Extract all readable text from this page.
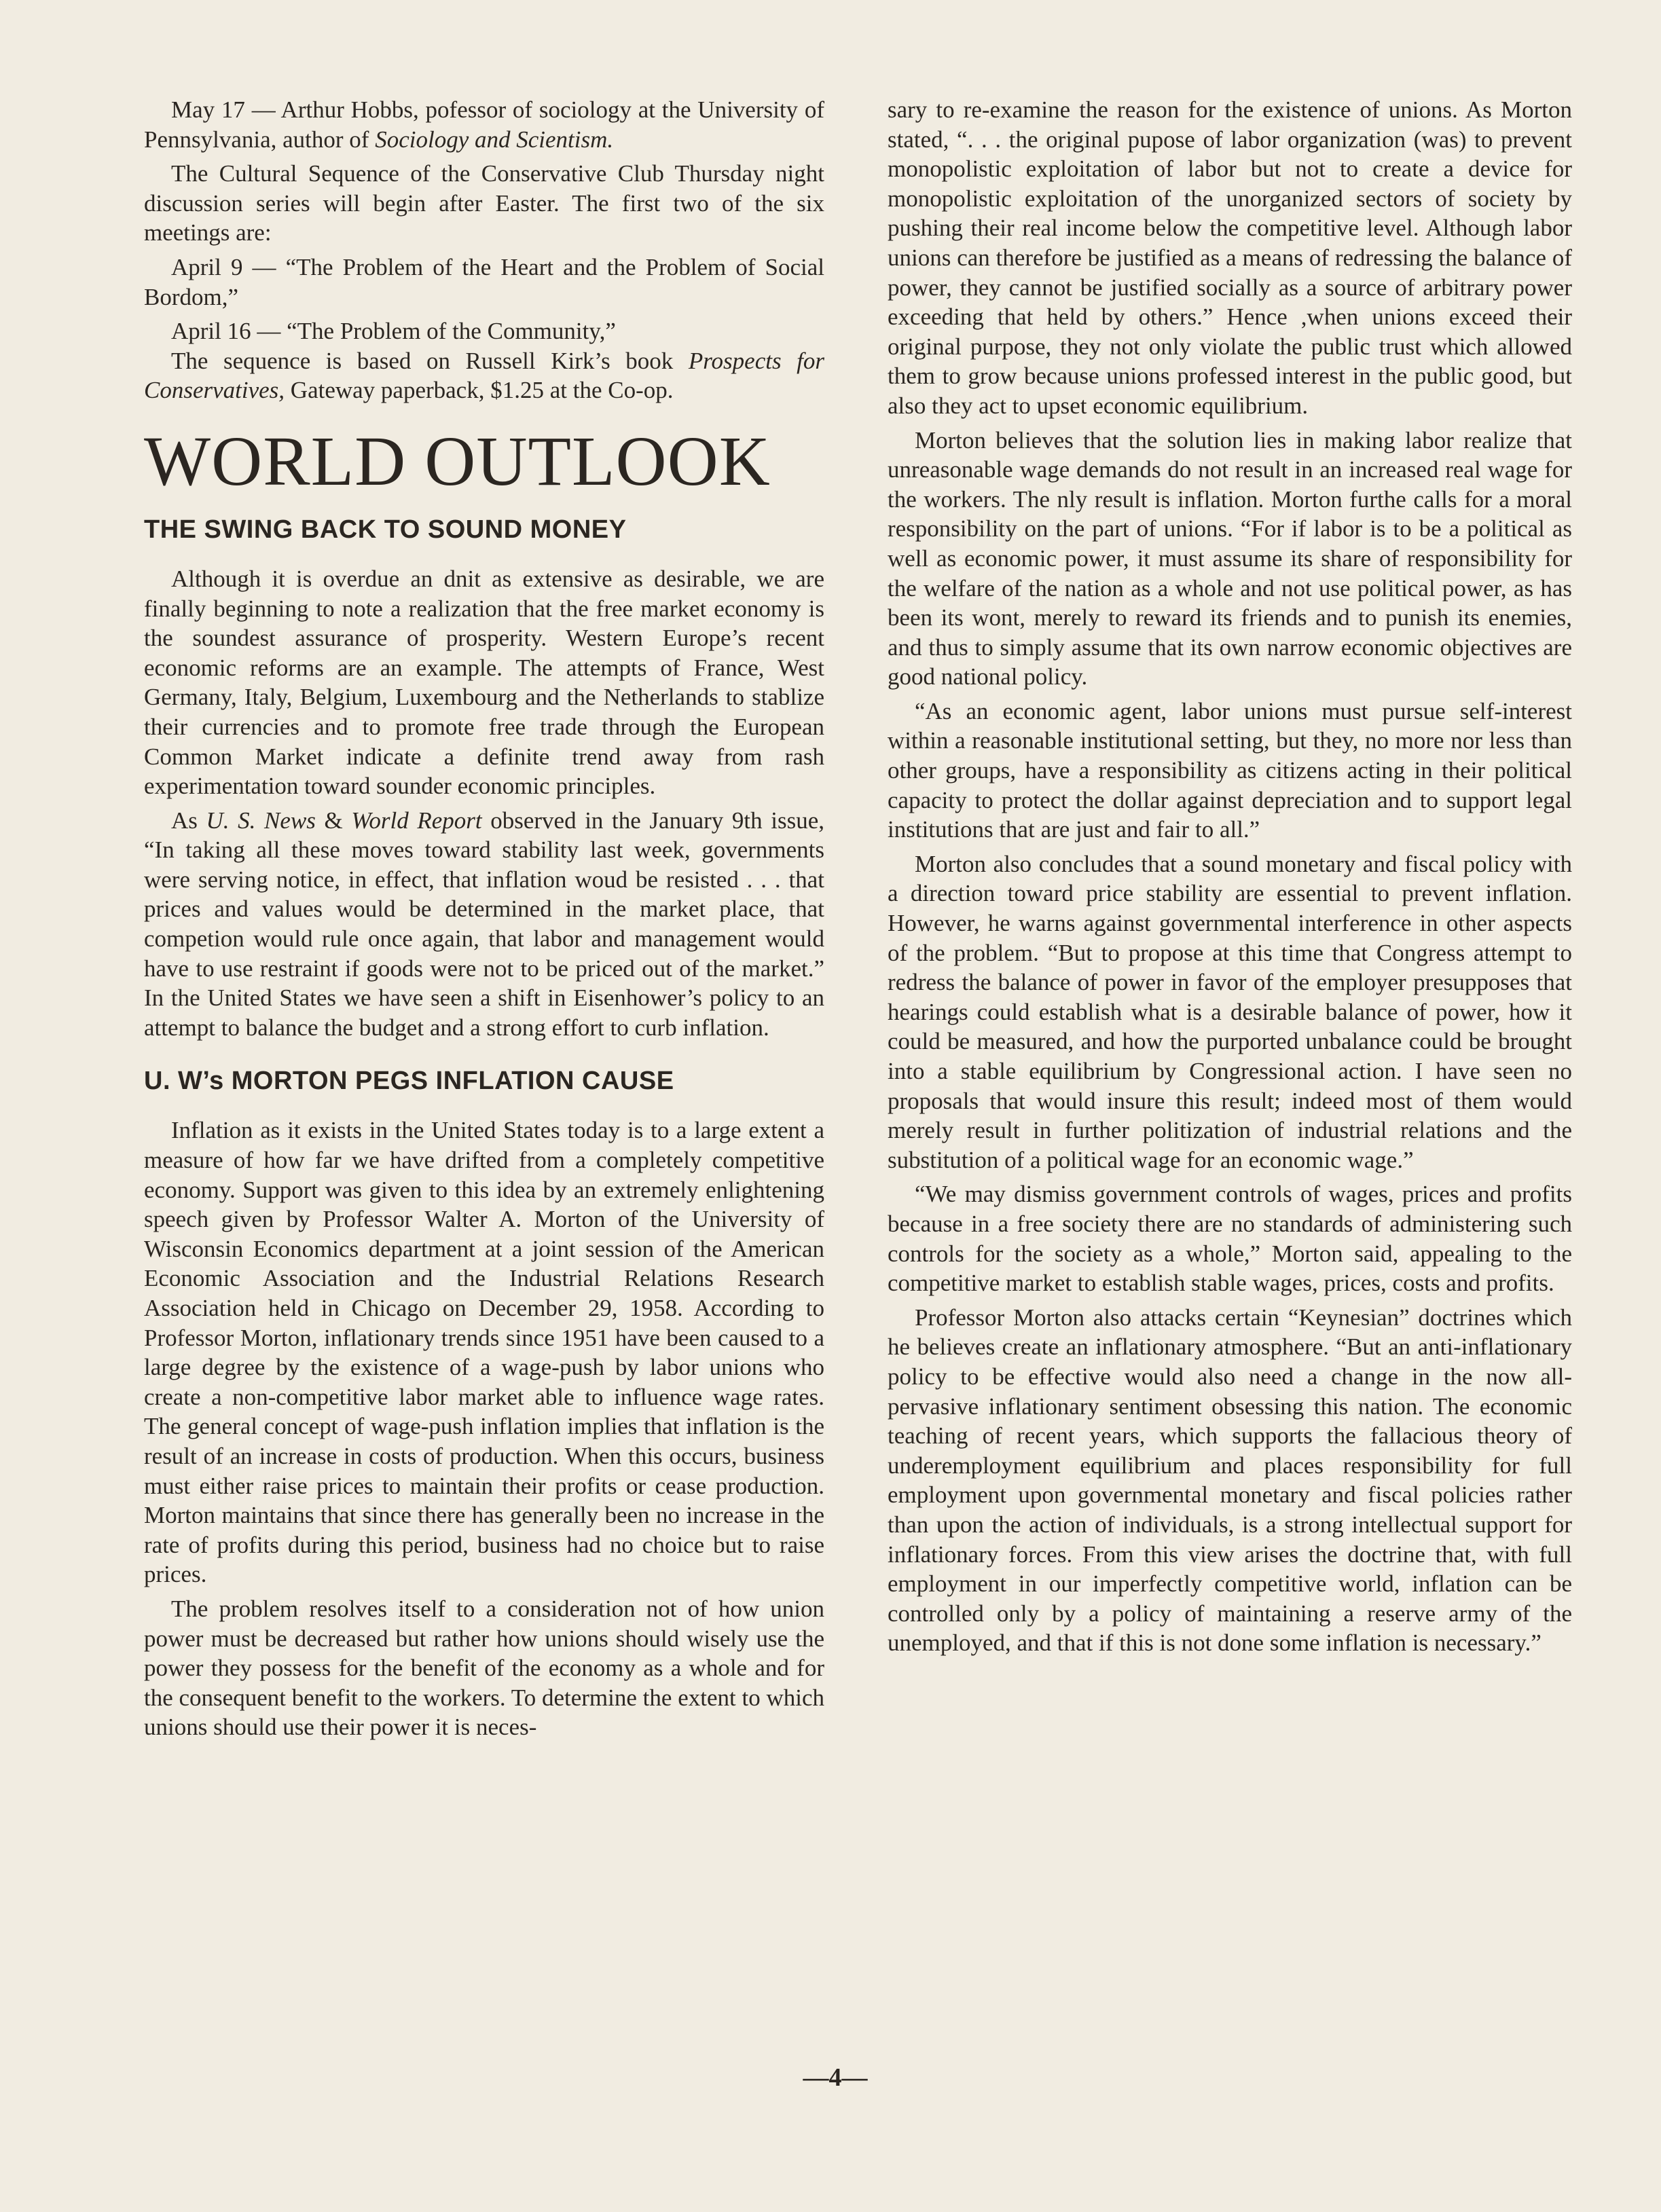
May 17 — Arthur Hobbs, pofessor of sociology at the University of Pennsylvania, author of Sociology and Scientism.

The Cultural Sequence of the Conservative Club Thursday night discussion series will begin after Easter. The first two of the six meetings are:

April 9 — “The Problem of the Heart and the Problem of Social Bordom,”

April 16 — “The Problem of the Community,”

The sequence is based on Russell Kirk’s book Prospects for Conservatives, Gateway paperback, $1.25 at the Co-op.

WORLD OUTLOOK
THE SWING BACK TO SOUND MONEY

Although it is overdue an dnit as extensive as desirable, we are finally beginning to note a realization that the free market economy is the soundest assurance of prosperity. Western Europe’s recent economic reforms are an example. The attempts of France, West Germany, Italy, Belgium, Luxembourg and the Netherlands to stablize their currencies and to promote free trade through the European Common Market indicate a definite trend away from rash experimentation toward sounder economic principles.

As U. S. News & World Report observed in the January 9th issue, “In taking all these moves toward stability last week, governments were serving notice, in effect, that inflation woud be resisted . . . that prices and values would be determined in the market place, that competion would rule once again, that labor and management would have to use restraint if goods were not to be priced out of the market.” In the United States we have seen a shift in Eisenhower’s policy to an attempt to balance the budget and a strong effort to curb inflation.

U. W’s MORTON PEGS INFLATION CAUSE

Inflation as it exists in the United States today is to a large extent a measure of how far we have drifted from a completely competitive economy. Support was given to this idea by an extremely enlightening speech given by Professor Walter A. Morton of the University of Wisconsin Economics department at a joint session of the American Economic Association and the Industrial Relations Research Association held in Chicago on December 29, 1958. According to Professor Morton, inflationary trends since 1951 have been caused to a large degree by the existence of a wage-push by labor unions who create a non-competitive labor market able to influence wage rates. The general concept of wage-push inflation implies that inflation is the result of an increase in costs of production. When this occurs, business must either raise prices to maintain their profits or cease production. Morton maintains that since there has generally been no increase in the rate of profits during this period, business had no choice but to raise prices.

The problem resolves itself to a consideration not of how union power must be decreased but rather how unions should wisely use the power they possess for the benefit of the economy as a whole and for the consequent benefit to the workers. To determine the extent to which unions should use their power it is neces-

sary to re-examine the reason for the existence of unions. As Morton stated, “. . . the original pupose of labor organization (was) to prevent monopolistic exploitation of labor but not to create a device for monopolistic exploitation of the unorganized sectors of society by pushing their real income below the competitive level. Although labor unions can therefore be justified as a means of redressing the balance of power, they cannot be justified socially as a source of arbitrary power exceeding that held by others.” Hence ,when unions exceed their original purpose, they not only violate the public trust which allowed them to grow because unions professed interest in the public good, but also they act to upset economic equilibrium.

Morton believes that the solution lies in making labor realize that unreasonable wage demands do not result in an increased real wage for the workers. The nly result is inflation. Morton furthe calls for a moral responsibility on the part of unions. “For if labor is to be a political as well as economic power, it must assume its share of responsibility for the welfare of the nation as a whole and not use political power, as has been its wont, merely to reward its friends and to punish its enemies, and thus to simply assume that its own narrow economic objectives are good national policy.

“As an economic agent, labor unions must pursue self-interest within a reasonable institutional setting, but they, no more nor less than other groups, have a responsibility as citizens acting in their political capacity to protect the dollar against depreciation and to support legal institutions that are just and fair to all.”

Morton also concludes that a sound monetary and fiscal policy with a direction toward price stability are essential to prevent inflation. However, he warns against governmental interference in other aspects of the problem. “But to propose at this time that Congress attempt to redress the balance of power in favor of the employer presupposes that hearings could establish what is a desirable balance of power, how it could be measured, and how the purported unbalance could be brought into a stable equilibrium by Congressional action. I have seen no proposals that would insure this result; indeed most of them would merely result in further politization of industrial relations and the substitution of a political wage for an economic wage.”

“We may dismiss government controls of wages, prices and profits because in a free society there are no standards of administering such controls for the society as a whole,” Morton said, appealing to the competitive market to establish stable wages, prices, costs and profits.

Professor Morton also attacks certain “Keynesian” doctrines which he believes create an inflationary atmosphere. “But an anti-inflationary policy to be effective would also need a change in the now all-pervasive inflationary sentiment obsessing this nation. The economic teaching of recent years, which supports the fallacious theory of underemployment equilibrium and places responsibility for full employment upon governmental monetary and fiscal policies rather than upon the action of individuals, is a strong intellectual support for inflationary forces. From this view arises the doctrine that, with full employment in our imperfectly competitive world, inflation can be controlled only by a policy of maintaining a reserve army of the unemployed, and that if this is not done some inflation is necessary.”

—4—
